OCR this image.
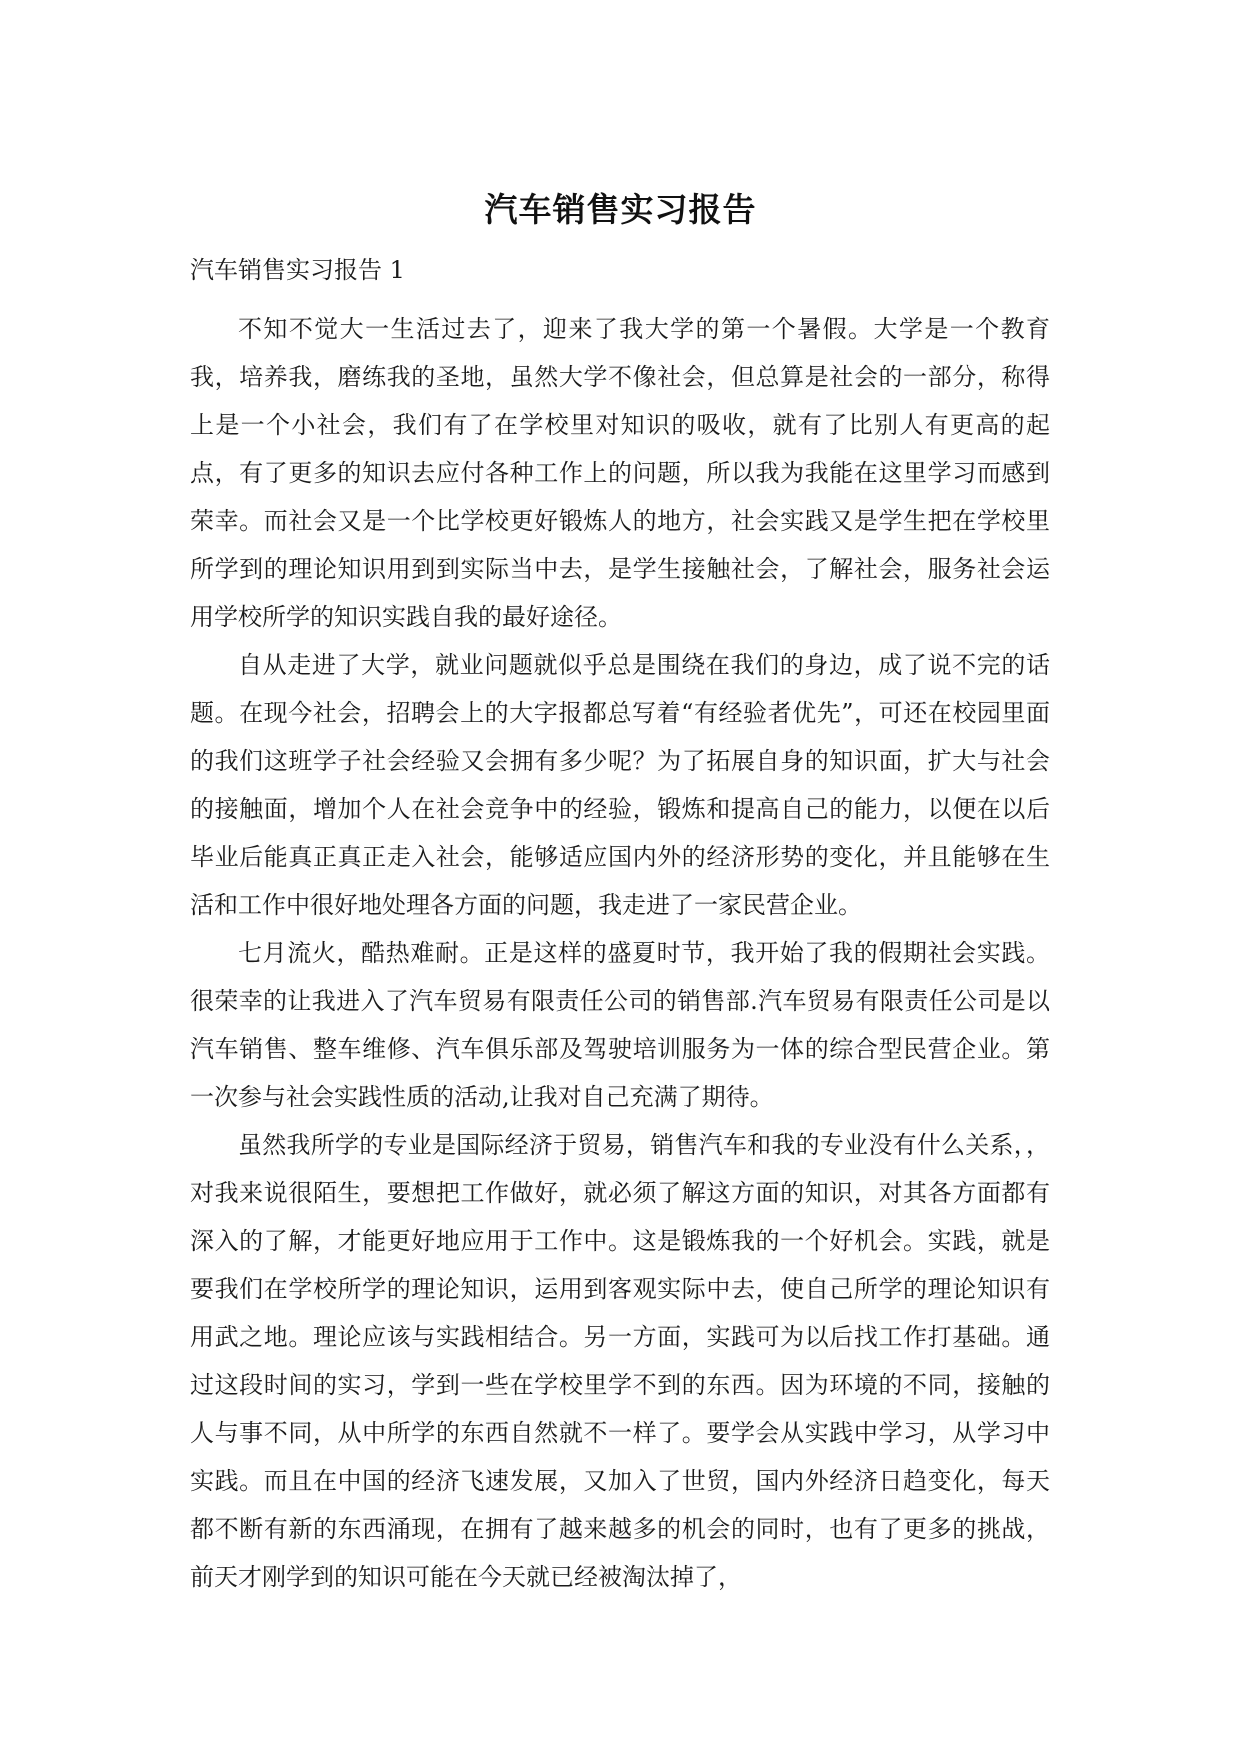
汽车销售实习报告

汽车销售实习报告 1

不知不觉大一生活过去了，迎来了我大学的第一个暑假。大学是一个教育我，培养我，磨练我的圣地，虽然大学不像社会，但总算是社会的一部分，称得上是一个小社会，我们有了在学校里对知识的吸收，就有了比别人有更高的起点，有了更多的知识去应付各种工作上的问题，所以我为我能在这里学习而感到荣幸。而社会又是一个比学校更好锻炼人的地方，社会实践又是学生把在学校里所学到的理论知识用到到实际当中去，是学生接触社会，了解社会，服务社会运用学校所学的知识实践自我的最好途径。

自从走进了大学，就业问题就似乎总是围绕在我们的身边，成了说不完的话题。在现今社会，招聘会上的大字报都总写着“有经验者优先”，可还在校园里面的我们这班学子社会经验又会拥有多少呢？为了拓展自身的知识面，扩大与社会的接触面，增加个人在社会竞争中的经验，锻炼和提高自己的能力，以便在以后毕业后能真正真正走入社会，能够适应国内外的经济形势的变化，并且能够在生活和工作中很好地处理各方面的问题，我走进了一家民营企业。

七月流火，酷热难耐。正是这样的盛夏时节，我开始了我的假期社会实践。很荣幸的让我进入了汽车贸易有限责任公司的销售部.汽车贸易有限责任公司是以汽车销售、整车维修、汽车俱乐部及驾驶培训服务为一体的综合型民营企业。第一次参与社会实践性质的活动,让我对自己充满了期待。

虽然我所学的专业是国际经济于贸易，销售汽车和我的专业没有什么关系，，对我来说很陌生，要想把工作做好，就必须了解这方面的知识，对其各方面都有深入的了解，才能更好地应用于工作中。这是锻炼我的一个好机会。实践，就是要我们在学校所学的理论知识，运用到客观实际中去，使自己所学的理论知识有用武之地。理论应该与实践相结合。另一方面，实践可为以后找工作打基础。通过这段时间的实习，学到一些在学校里学不到的东西。因为环境的不同，接触的人与事不同，从中所学的东西自然就不一样了。要学会从实践中学习，从学习中实践。而且在中国的经济飞速发展，又加入了世贸，国内外经济日趋变化，每天都不断有新的东西涌现，在拥有了越来越多的机会的同时，也有了更多的挑战，前天才刚学到的知识可能在今天就已经被淘汰掉了，
